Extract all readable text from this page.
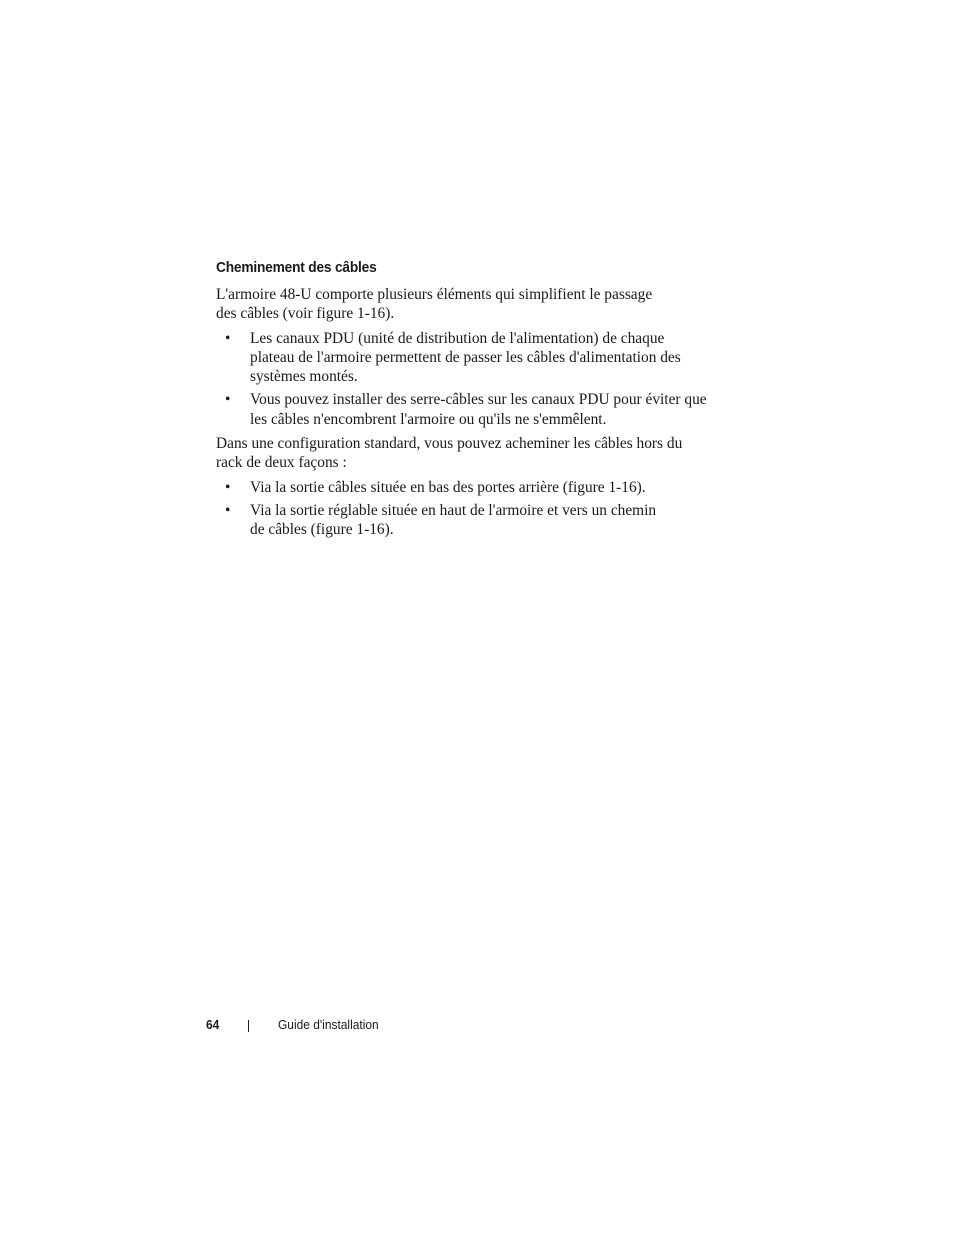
Cheminement des câbles

L'armoire 48-U comporte plusieurs éléments qui simplifient le passage des câbles (voir figure 1-16).

• Les canaux PDU (unité de distribution de l'alimentation) de chaque plateau de l'armoire permettent de passer les câbles d'alimentation des systèmes montés.
• Vous pouvez installer des serre-câbles sur les canaux PDU pour éviter que les câbles n'encombrent l'armoire ou qu'ils ne s'emmêlent.

Dans une configuration standard, vous pouvez acheminer les câbles hors du rack de deux façons :

• Via la sortie câbles située en bas des portes arrière (figure 1-16).
• Via la sortie réglable située en haut de l'armoire et vers un chemin de câbles (figure 1-16).
64	Guide d'installation
